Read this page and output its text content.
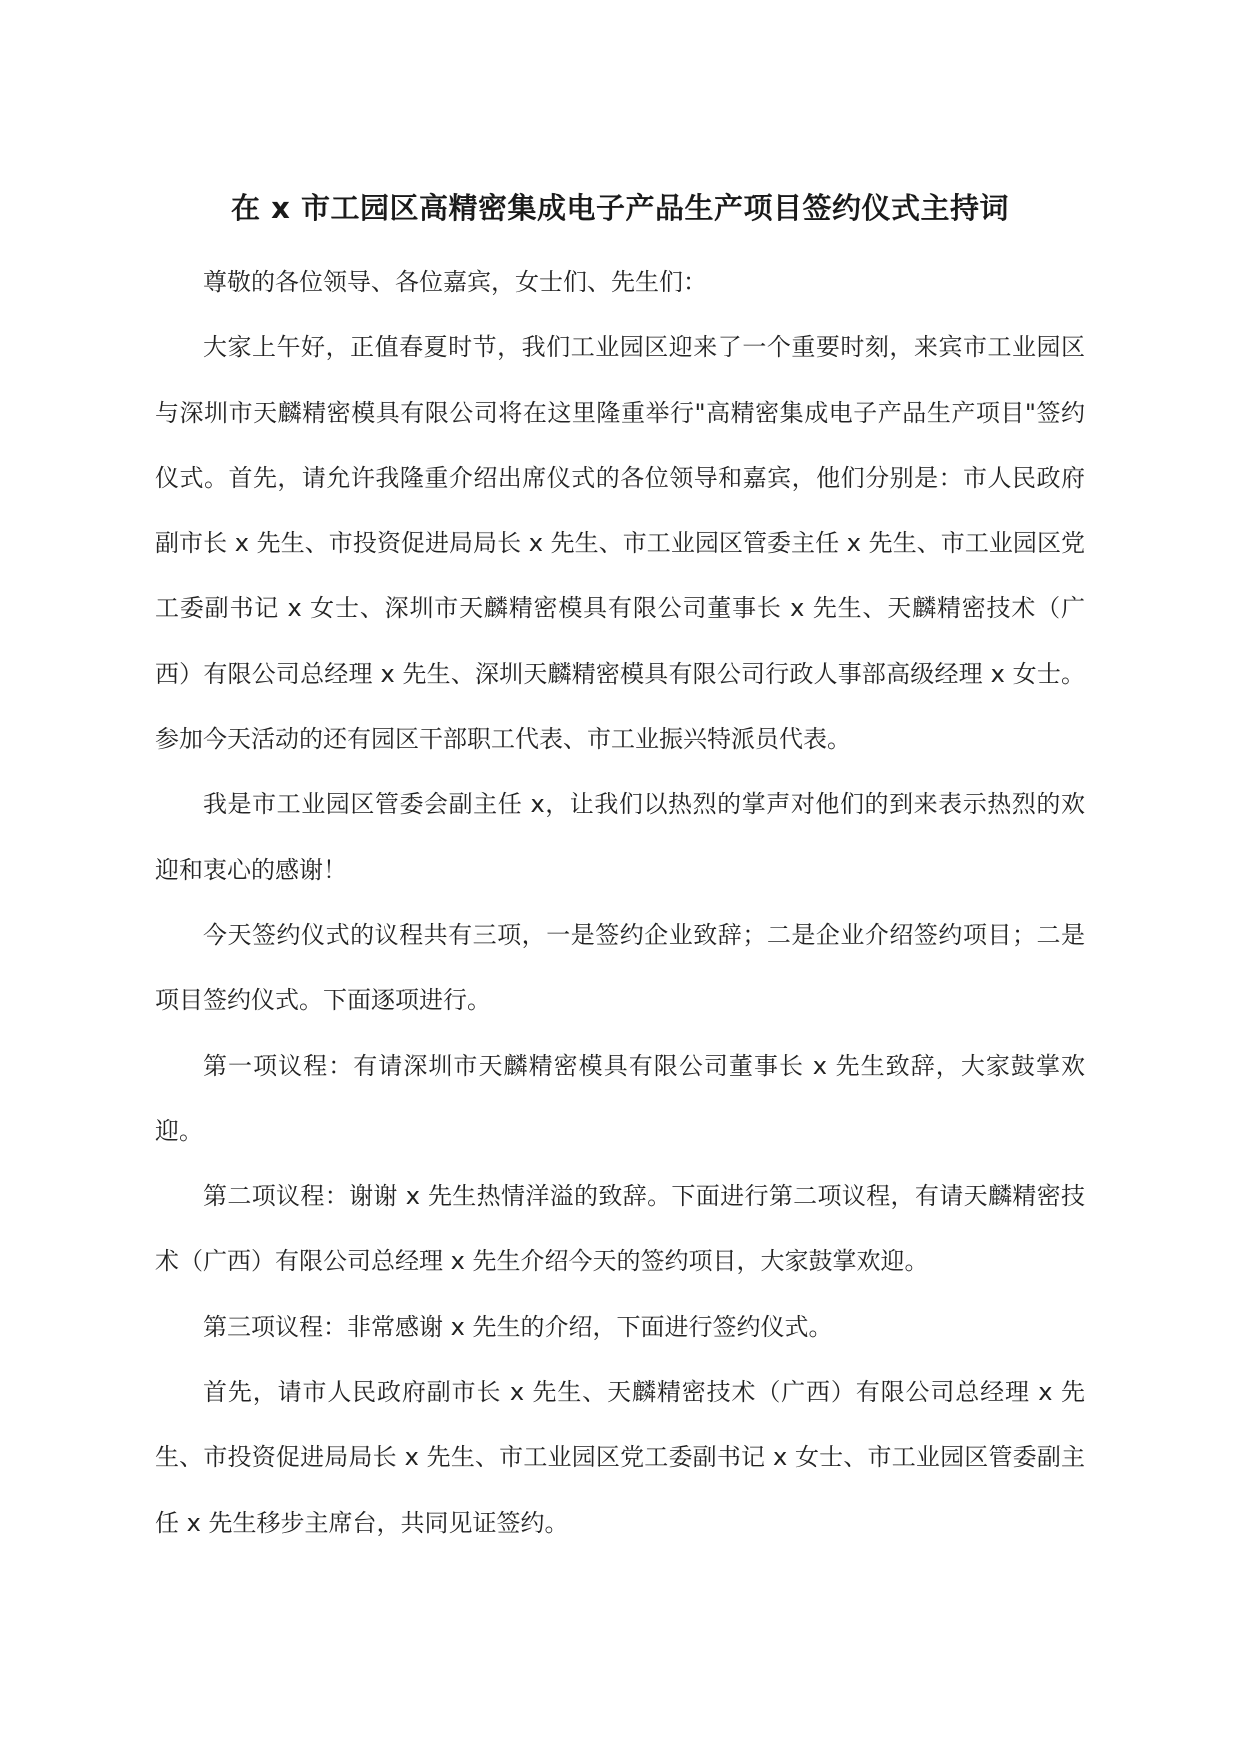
在 x 市工园区高精密集成电子产品生产项目签约仪式主持词

尊敬的各位领导、各位嘉宾，女士们、先生们：

大家上午好，正值春夏时节，我们工业园区迎来了一个重要时刻，来宾市工业园区与深圳市天麟精密模具有限公司将在这里隆重举行"高精密集成电子产品生产项目"签约仪式。首先，请允许我隆重介绍出席仪式的各位领导和嘉宾，他们分别是：市人民政府副市长 x 先生、市投资促进局局长 x 先生、市工业园区管委主任 x 先生、市工业园区党工委副书记 x 女士、深圳市天麟精密模具有限公司董事长 x 先生、天麟精密技术（广西）有限公司总经理 x 先生、深圳天麟精密模具有限公司行政人事部高级经理 x 女士。参加今天活动的还有园区干部职工代表、市工业振兴特派员代表。

我是市工业园区管委会副主任 x，让我们以热烈的掌声对他们的到来表示热烈的欢迎和衷心的感谢！

今天签约仪式的议程共有三项，一是签约企业致辞；二是企业介绍签约项目；二是项目签约仪式。下面逐项进行。

第一项议程：有请深圳市天麟精密模具有限公司董事长 x 先生致辞，大家鼓掌欢迎。

第二项议程：谢谢 x 先生热情洋溢的致辞。下面进行第二项议程，有请天麟精密技术（广西）有限公司总经理 x 先生介绍今天的签约项目，大家鼓掌欢迎。

第三项议程：非常感谢 x 先生的介绍，下面进行签约仪式。

首先，请市人民政府副市长 x 先生、天麟精密技术（广西）有限公司总经理 x 先生、市投资促进局局长 x 先生、市工业园区党工委副书记 x 女士、市工业园区管委副主任 x 先生移步主席台，共同见证签约。
